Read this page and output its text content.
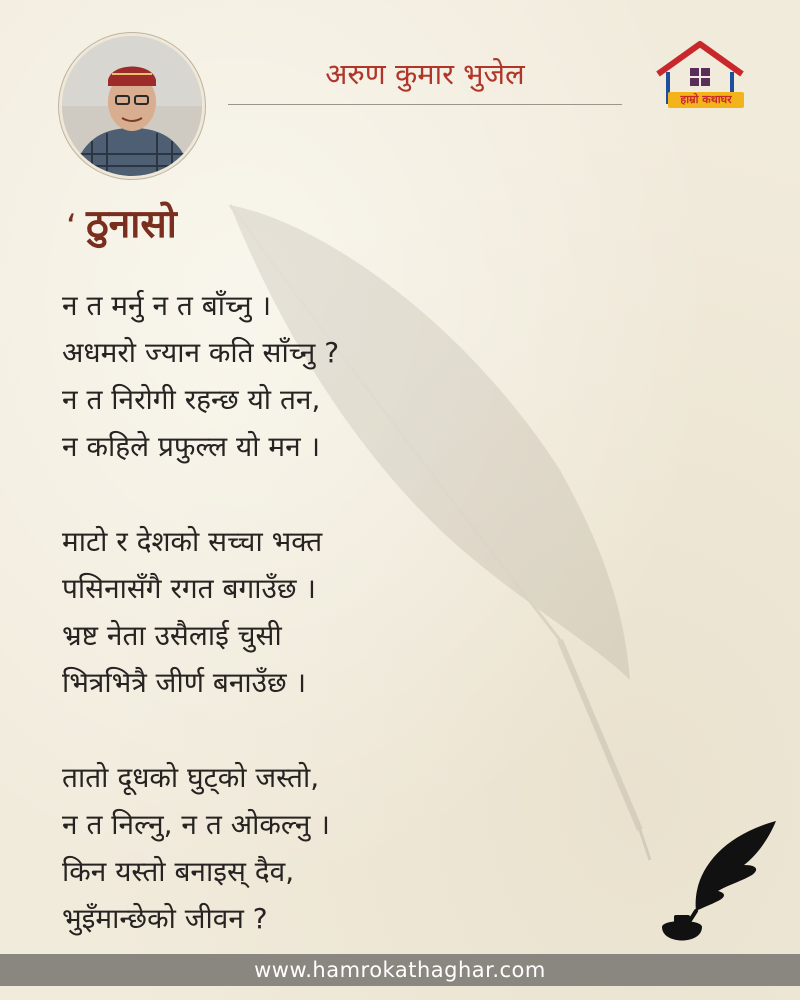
अरुण कुमार भुजेल
हाम्रो कथाघर
‘ ठुनासो
न त मर्नु न त बाँच्नु ।
अधमरो ज्यान कति साँच्नु ?
न त निरोगी रहन्छ यो तन,
न कहिले प्रफुल्ल यो मन ।
माटो र देशको सच्चा भक्त
पसिनासँगै रगत बगाउँछ ।
भ्रष्ट नेता उसैलाई चुसी
भित्रभित्रै जीर्ण बनाउँछ ।
तातो दूधको घुट्को जस्तो,
न त निल्नु, न त ओकल्नु ।
किन यस्तो बनाइस् दैव,
भुइँमान्छेको जीवन ?
www.hamrokathaghar.com
